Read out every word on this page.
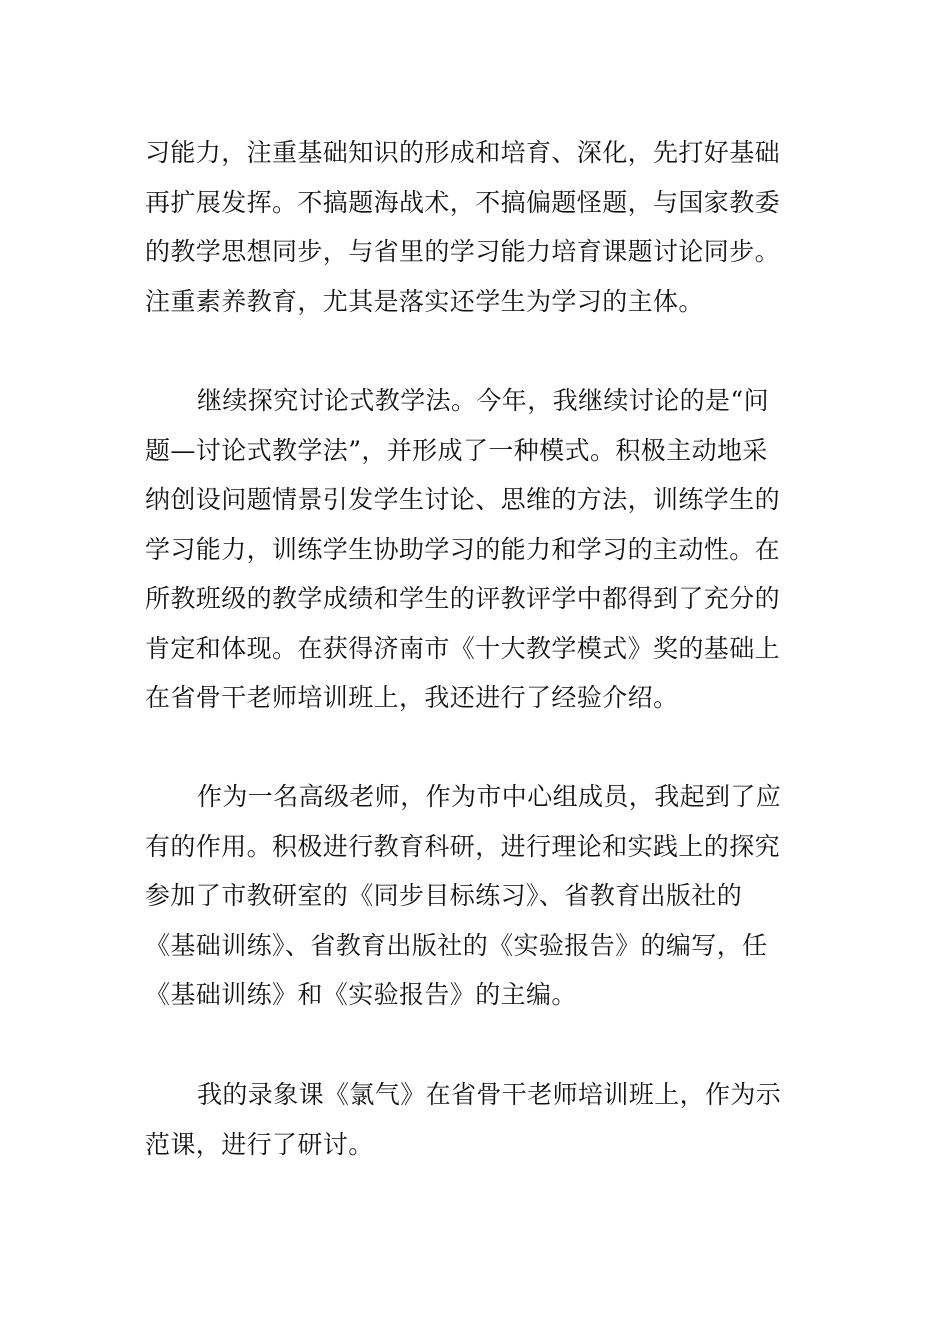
习能力，注重基础知识的形成和培育、深化，先打好基础
再扩展发挥。不搞题海战术，不搞偏题怪题，与国家教委
的教学思想同步，与省里的学习能力培育课题讨论同步。
注重素养教育，尤其是落实还学生为学习的主体。
继续探究讨论式教学法。今年，我继续讨论的是“问
题—讨论式教学法”，并形成了一种模式。积极主动地采
纳创设问题情景引发学生讨论、思维的方法，训练学生的
学习能力，训练学生协助学习的能力和学习的主动性。在
所教班级的教学成绩和学生的评教评学中都得到了充分的
肯定和体现。在获得济南市《十大教学模式》奖的基础上
在省骨干老师培训班上，我还进行了经验介绍。
作为一名高级老师，作为市中心组成员，我起到了应
有的作用。积极进行教育科研，进行理论和实践上的探究
参加了市教研室的《同步目标练习》、省教育出版社的
《基础训练》、省教育出版社的《实验报告》的编写，任
《基础训练》和《实验报告》的主编。
我的录象课《氯气》在省骨干老师培训班上，作为示
范课，进行了研讨。
